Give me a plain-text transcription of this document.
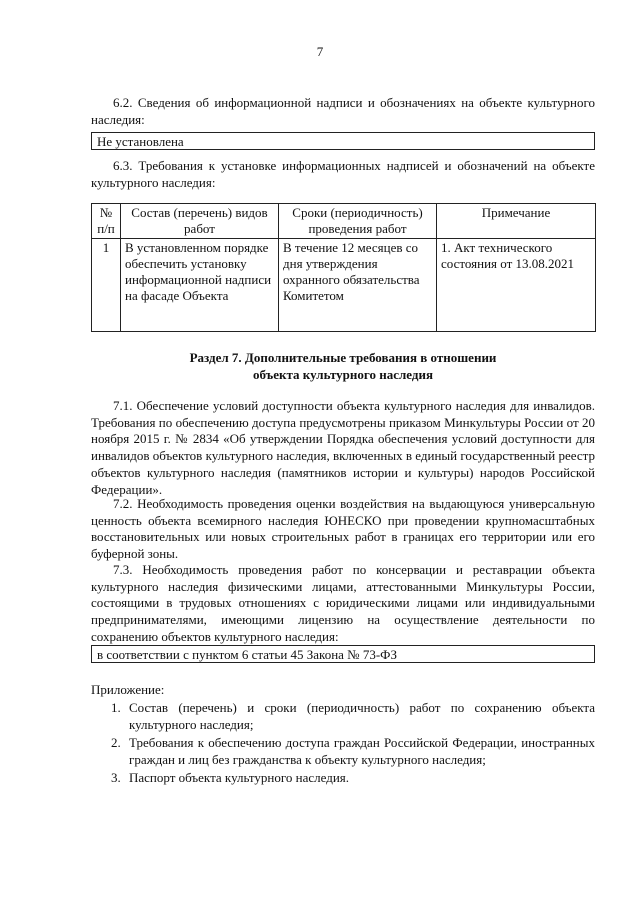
7
6.2. Сведения об информационной надписи и обозначениях на объекте культурного наследия:
Не установлена
6.3. Требования к установке информационных надписей и обозначений на объекте культурного наследия:
№ п/п	Состав (перечень) видов работ	Сроки (периодичность) проведения работ	Примечание
1	В установленном порядке обеспечить установку информационной надписи на фасаде Объекта	В течение 12 месяцев со дня утверждения охранного обязательства Комитетом	1. Акт технического состояния от 13.08.2021
Раздел 7. Дополнительные требования в отношении
объекта культурного наследия
7.1. Обеспечение условий доступности объекта культурного наследия для инвалидов. Требования по обеспечению доступа предусмотрены приказом Минкультуры России от 20 ноября 2015 г. № 2834 «Об утверждении Порядка обеспечения условий доступности для инвалидов объектов культурного наследия, включенных в единый государственный реестр объектов культурного наследия (памятников истории и культуры) народов Российской Федерации».
7.2. Необходимость проведения оценки воздействия на выдающуюся универсальную ценность объекта всемирного наследия ЮНЕСКО при проведении крупномасштабных восстановительных или новых строительных работ в границах его территории или его буферной зоны.
7.3. Необходимость проведения работ по консервации и реставрации объекта культурного наследия физическими лицами, аттестованными Минкультуры России, состоящими в трудовых отношениях с юридическими лицами или индивидуальными предпринимателями, имеющими лицензию на осуществление деятельности по сохранению объектов культурного наследия:
в соответствии с пунктом 6 статьи 45 Закона № 73-ФЗ
Приложение:
1. Состав (перечень) и сроки (периодичность) работ по сохранению объекта культурного наследия;
2. Требования к обеспечению доступа граждан Российской Федерации, иностранных граждан и лиц без гражданства к объекту культурного наследия;
3. Паспорт объекта культурного наследия.
